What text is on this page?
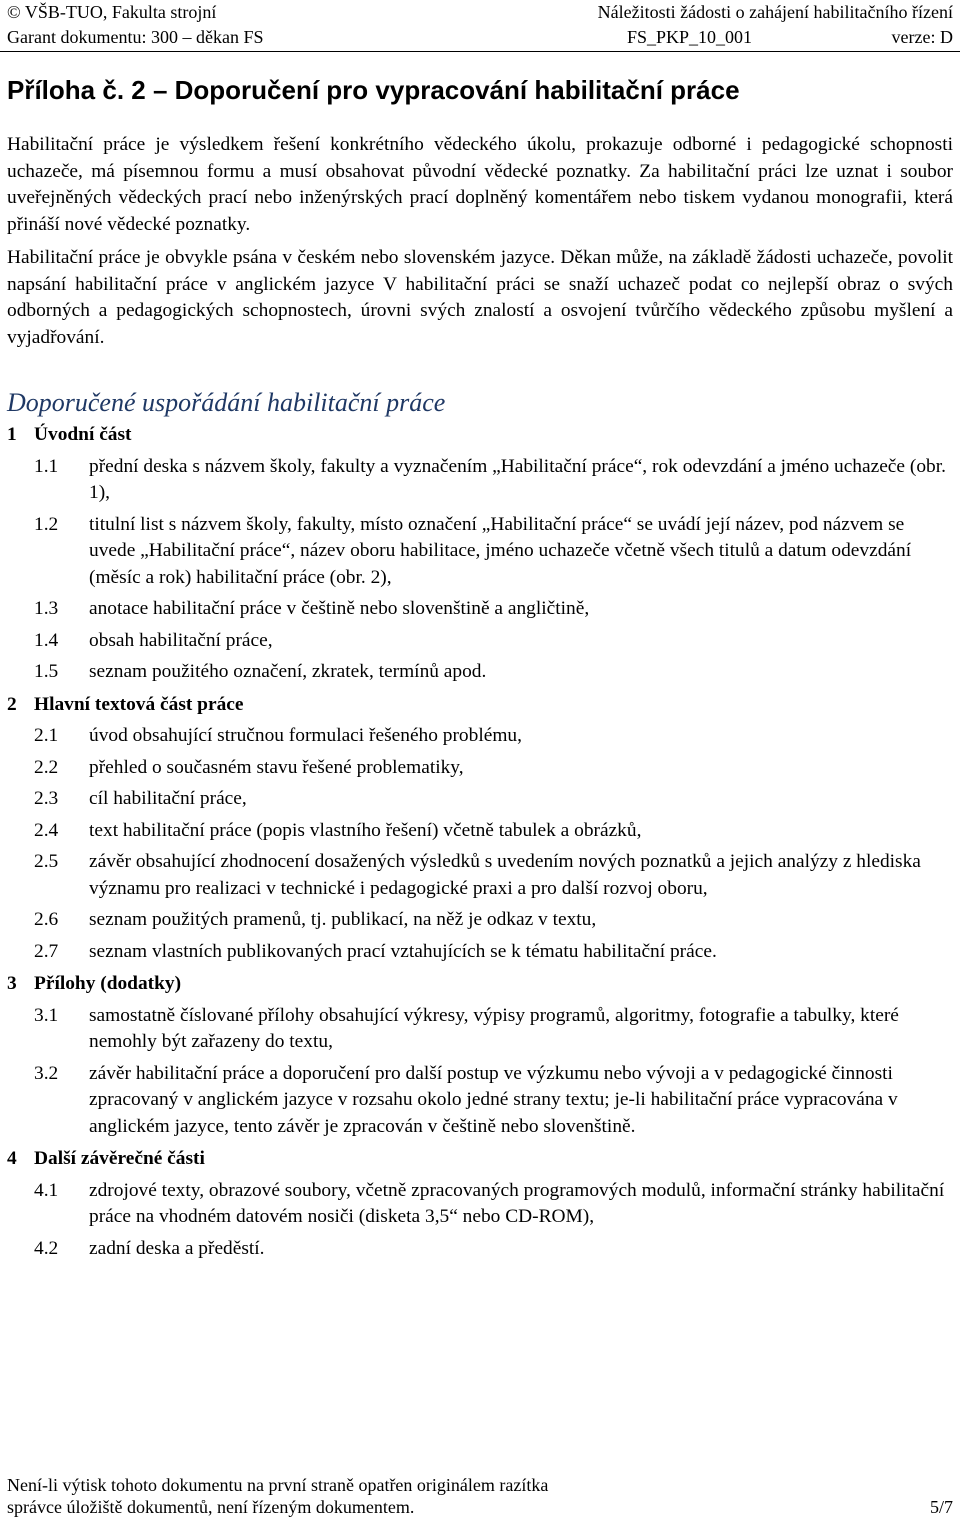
© VŠB-TUO, Fakulta strojní	Náležitosti žádosti o zahájení habilitačního řízení
Garant dokumentu: 300 – děkan FS	FS_PKP_10_001	verze: D
Příloha č. 2 – Doporučení pro vypracování habilitační práce

Habilitační práce je výsledkem řešení konkrétního vědeckého úkolu, prokazuje odborné i pedagogické schopnosti uchazeče, má písemnou formu a musí obsahovat původní vědecké poznatky. Za habilitační práci lze uznat i soubor uveřejněných vědeckých prací nebo inženýrských prací doplněný komentářem nebo tiskem vydanou monografii, která přináší nové vědecké poznatky.

Habilitační práce je obvykle psána v českém nebo slovenském jazyce. Děkan může, na základě žádosti uchazeče, povolit napsání habilitační práce v anglickém jazyce V habilitační práci se snaží uchazeč podat co nejlepší obraz o svých odborných a pedagogických schopnostech, úrovni svých znalostí a osvojení tvůrčího vědeckého způsobu myšlení a vyjadřování.

Doporučené uspořádání habilitační práce
1 Úvodní část
1.1	přední deska s názvem školy, fakulty a vyznačením „Habilitační práce“, rok odevzdání a jméno uchazeče (obr. 1),
1.2	titulní list s názvem školy, fakulty, místo označení „Habilitační práce“ se uvádí její název, pod názvem se uvede „Habilitační práce“, název oboru habilitace, jméno uchazeče včetně všech titulů a datum odevzdání (měsíc a rok) habilitační práce (obr. 2),
1.3	anotace habilitační práce v češtině nebo slovenštině a angličtině,
1.4	obsah habilitační práce,
1.5	seznam použitého označení, zkratek, termínů apod.
2 Hlavní textová část práce
2.1	úvod obsahující stručnou formulaci řešeného problému,
2.2	přehled o současném stavu řešené problematiky,
2.3	cíl habilitační práce,
2.4	text habilitační práce (popis vlastního řešení) včetně tabulek a obrázků,
2.5	závěr obsahující zhodnocení dosažených výsledků s uvedením nových poznatků a jejich analýzy z hlediska významu pro realizaci v technické i pedagogické praxi a pro další rozvoj oboru,
2.6	seznam použitých pramenů, tj. publikací, na něž je odkaz v textu,
2.7	seznam vlastních publikovaných prací vztahujících se k tématu habilitační práce.
3 Přílohy (dodatky)
3.1	samostatně číslované přílohy obsahující výkresy, výpisy programů, algoritmy, fotografie a tabulky, které nemohly být zařazeny do textu,
3.2	závěr habilitační práce a doporučení pro další postup ve výzkumu nebo vývoji a v pedagogické činnosti zpracovaný v anglickém jazyce v rozsahu okolo jedné strany textu; je-li habilitační práce vypracována v anglickém jazyce, tento závěr je zpracován v češtině nebo slovenštině.
4 Další závěrečné části
4.1	zdrojové texty, obrazové soubory, včetně zpracovaných programových modulů, informační stránky habilitační práce na vhodném datovém nosiči (disketa 3,5“ nebo CD-ROM),
4.2	zadní deska a předěstí.
Není-li výtisk tohoto dokumentu na první straně opatřen originálem razítka
správce úložiště dokumentů, není řízeným dokumentem.	5/7
